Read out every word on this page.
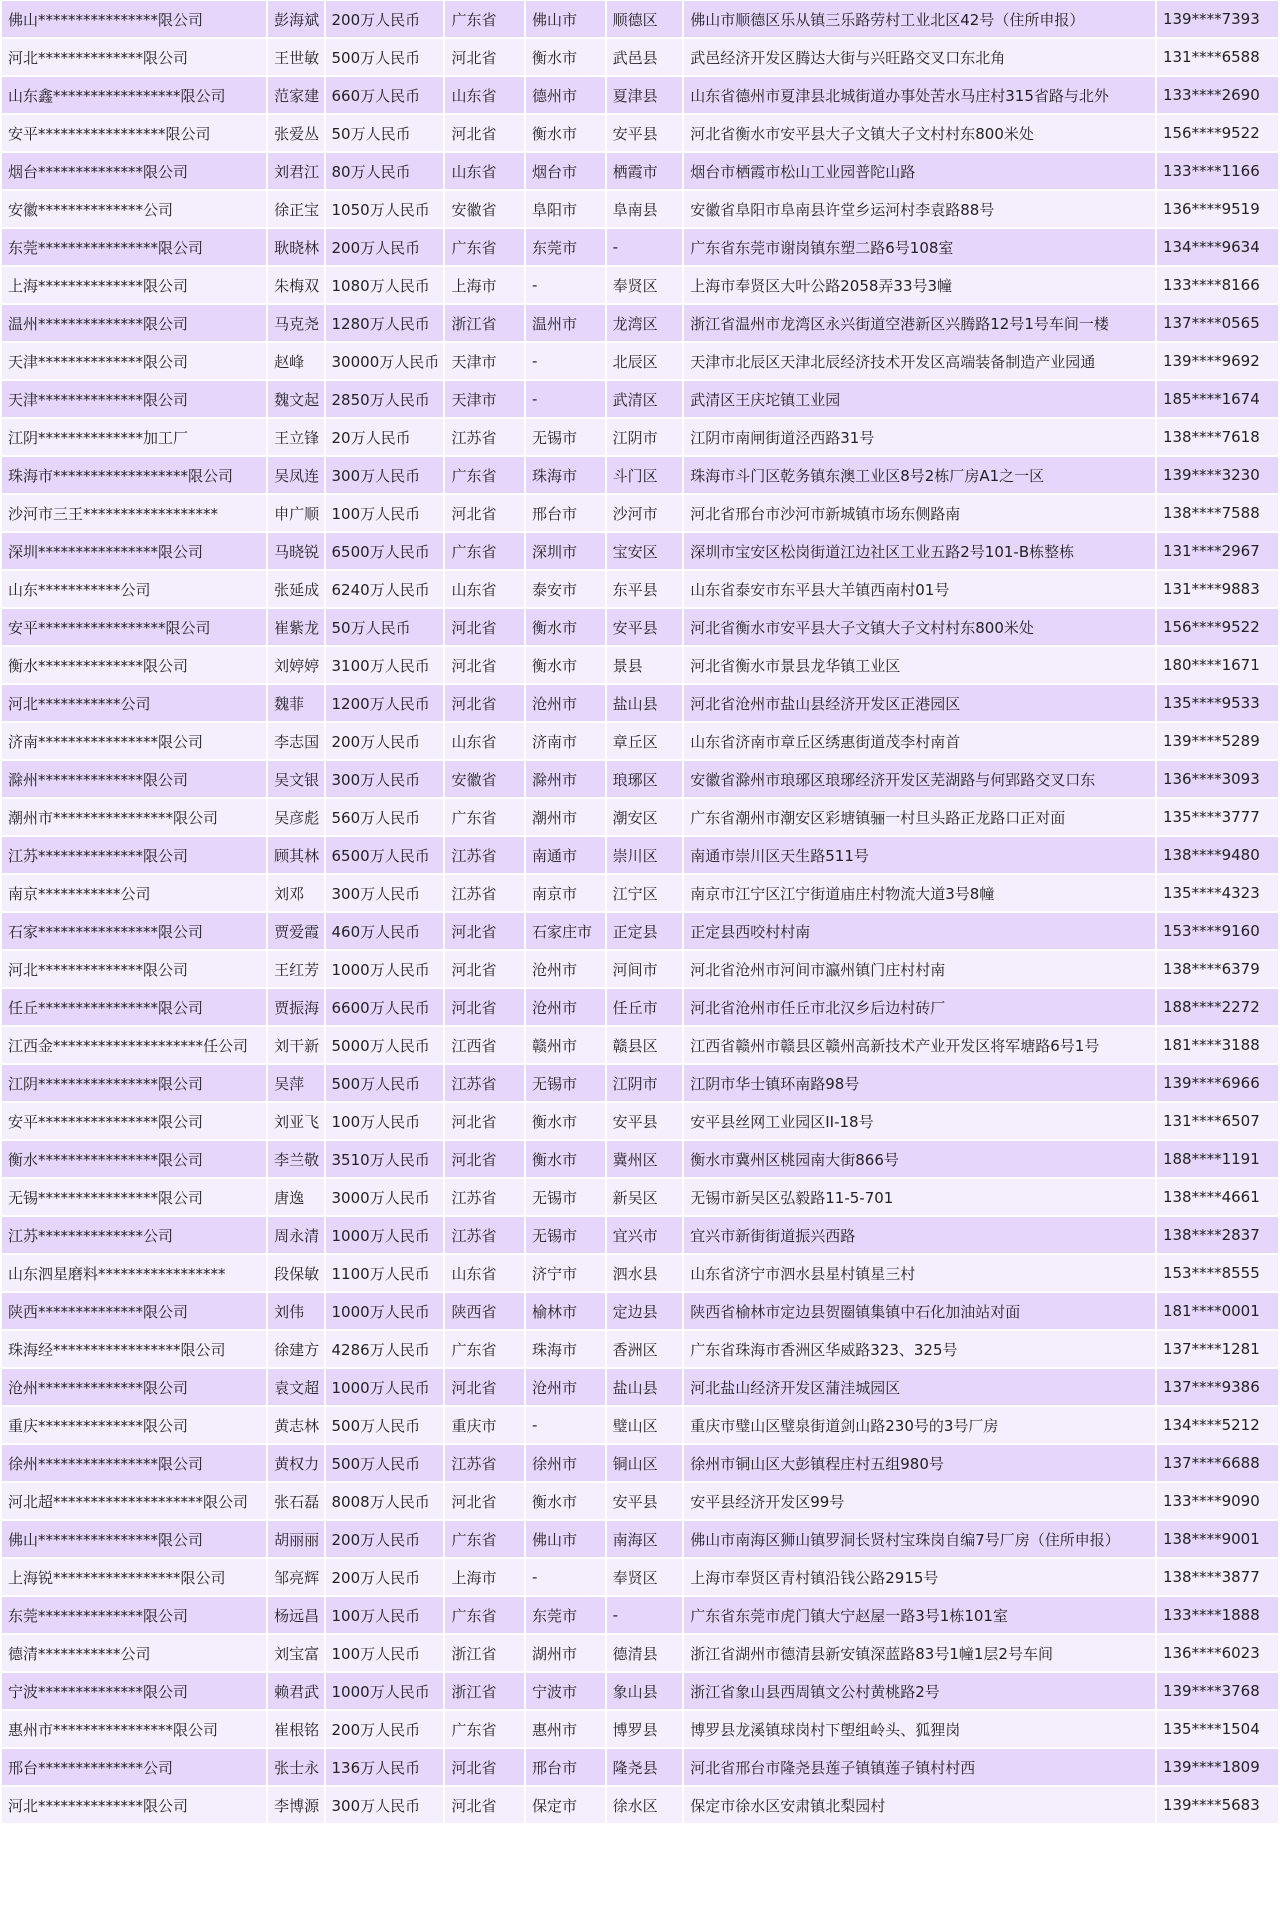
佛山****************限公司	彭海斌	200万人民币	广东省	佛山市	顺德区	佛山市顺德区乐从镇三乐路劳村工业北区42号（住所申报）	139****7393
河北**************限公司	王世敏	500万人民币	河北省	衡水市	武邑县	武邑经济开发区腾达大街与兴旺路交叉口东北角	131****6588
山东鑫*****************限公司	范家建	660万人民币	山东省	德州市	夏津县	山东省德州市夏津县北城街道办事处苦水马庄村315省路与北外	133****2690
安平*****************限公司	张爱丛	50万人民币	河北省	衡水市	安平县	河北省衡水市安平县大子文镇大子文村村东800米处	156****9522
烟台**************限公司	刘君江	80万人民币	山东省	烟台市	栖霞市	烟台市栖霞市松山工业园普陀山路	133****1166
安徽**************公司	徐正宝	1050万人民币	安徽省	阜阳市	阜南县	安徽省阜阳市阜南县许堂乡运河村李袁路88号	136****9519
东莞****************限公司	耿晓林	200万人民币	广东省	东莞市	-	广东省东莞市谢岗镇东塑二路6号108室	134****9634
上海**************限公司	朱梅双	1080万人民币	上海市	-	奉贤区	上海市奉贤区大叶公路2058弄33号3幢	133****8166
温州**************限公司	马克尧	1280万人民币	浙江省	温州市	龙湾区	浙江省温州市龙湾区永兴街道空港新区兴腾路12号1号车间一楼	137****0565
天津**************限公司	赵峰	30000万人民币	天津市	-	北辰区	天津市北辰区天津北辰经济技术开发区高端装备制造产业园通	139****9692
天津**************限公司	魏文起	2850万人民币	天津市	-	武清区	武清区王庆坨镇工业园	185****1674
江阴**************加工厂	王立锋	20万人民币	江苏省	无锡市	江阴市	江阴市南闸街道泾西路31号	138****7618
珠海市******************限公司	吴凤连	300万人民币	广东省	珠海市	斗门区	珠海市斗门区乾务镇东澳工业区8号2栋厂房A1之一区	139****3230
沙河市三王******************	申广顺	100万人民币	河北省	邢台市	沙河市	河北省邢台市沙河市新城镇市场东侧路南	138****7588
深圳****************限公司	马晓锐	6500万人民币	广东省	深圳市	宝安区	深圳市宝安区松岗街道江边社区工业五路2号101-B栋整栋	131****2967
山东***********公司	张延成	6240万人民币	山东省	泰安市	东平县	山东省泰安市东平县大羊镇西南村01号	131****9883
安平*****************限公司	崔紫龙	50万人民币	河北省	衡水市	安平县	河北省衡水市安平县大子文镇大子文村村东800米处	156****9522
衡水**************限公司	刘婷婷	3100万人民币	河北省	衡水市	景县	河北省衡水市景县龙华镇工业区	180****1671
河北***********公司	魏菲	1200万人民币	河北省	沧州市	盐山县	河北省沧州市盐山县经济开发区正港园区	135****9533
济南****************限公司	李志国	200万人民币	山东省	济南市	章丘区	山东省济南市章丘区绣惠街道茂李村南首	139****5289
滁州**************限公司	吴文银	300万人民币	安徽省	滁州市	琅琊区	安徽省滁州市琅琊区琅琊经济开发区芜湖路与何郢路交叉口东	136****3093
潮州市****************限公司	吴彦彪	560万人民币	广东省	潮州市	潮安区	广东省潮州市潮安区彩塘镇骊一村旦头路正龙路口正对面	135****3777
江苏**************限公司	顾其林	6500万人民币	江苏省	南通市	崇川区	南通市崇川区天生路511号	138****9480
南京***********公司	刘邓	300万人民币	江苏省	南京市	江宁区	南京市江宁区江宁街道庙庄村物流大道3号8幢	135****4323
石家****************限公司	贾爱霞	460万人民币	河北省	石家庄市	正定县	正定县西咬村村南	153****9160
河北**************限公司	王红芳	1000万人民币	河北省	沧州市	河间市	河北省沧州市河间市瀛州镇门庄村村南	138****6379
任丘****************限公司	贾振海	6600万人民币	河北省	沧州市	任丘市	河北省沧州市任丘市北汉乡后边村砖厂	188****2272
江西金********************任公司	刘干新	5000万人民币	江西省	赣州市	赣县区	江西省赣州市赣县区赣州高新技术产业开发区将军塘路6号1号	181****3188
江阴****************限公司	吴萍	500万人民币	江苏省	无锡市	江阴市	江阴市华士镇环南路98号	139****6966
安平****************限公司	刘亚飞	100万人民币	河北省	衡水市	安平县	安平县丝网工业园区II-18号	131****6507
衡水****************限公司	李兰敬	3510万人民币	河北省	衡水市	冀州区	衡水市冀州区桃园南大街866号	188****1191
无锡****************限公司	唐逸	3000万人民币	江苏省	无锡市	新吴区	无锡市新吴区弘毅路11-5-701	138****4661
江苏**************公司	周永清	1000万人民币	江苏省	无锡市	宜兴市	宜兴市新街街道振兴西路	138****2837
山东泗星磨料*****************	段保敏	1100万人民币	山东省	济宁市	泗水县	山东省济宁市泗水县星村镇星三村	153****8555
陕西**************限公司	刘伟	1000万人民币	陕西省	榆林市	定边县	陕西省榆林市定边县贺圈镇集镇中石化加油站对面	181****0001
珠海经*****************限公司	徐建方	4286万人民币	广东省	珠海市	香洲区	广东省珠海市香洲区华威路323、325号	137****1281
沧州**************限公司	袁文超	1000万人民币	河北省	沧州市	盐山县	河北盐山经济开发区蒲洼城园区	137****9386
重庆**************限公司	黄志林	500万人民币	重庆市	-	璧山区	重庆市璧山区璧泉街道剑山路230号的3号厂房	134****5212
徐州****************限公司	黄权力	500万人民币	江苏省	徐州市	铜山区	徐州市铜山区大彭镇程庄村五组980号	137****6688
河北超********************限公司	张石磊	8008万人民币	河北省	衡水市	安平县	安平县经济开发区99号	133****9090
佛山****************限公司	胡丽丽	200万人民币	广东省	佛山市	南海区	佛山市南海区狮山镇罗洞长贤村宝珠岗自编7号厂房（住所申报）	138****9001
上海锐*****************限公司	邹亮辉	200万人民币	上海市	-	奉贤区	上海市奉贤区青村镇沿钱公路2915号	138****3877
东莞**************限公司	杨远昌	100万人民币	广东省	东莞市	-	广东省东莞市虎门镇大宁赵屋一路3号1栋101室	133****1888
德清***********公司	刘宝富	100万人民币	浙江省	湖州市	德清县	浙江省湖州市德清县新安镇深蓝路83号1幢1层2号车间	136****6023
宁波**************限公司	赖君武	1000万人民币	浙江省	宁波市	象山县	浙江省象山县西周镇文公村黄桃路2号	139****3768
惠州市****************限公司	崔根铭	200万人民币	广东省	惠州市	博罗县	博罗县龙溪镇球岗村下塱组岭头、狐狸岗	135****1504
邢台**************公司	张士永	136万人民币	河北省	邢台市	隆尧县	河北省邢台市隆尧县莲子镇镇莲子镇村村西	139****1809
河北**************限公司	李博源	300万人民币	河北省	保定市	徐水区	保定市徐水区安肃镇北梨园村	139****5683
